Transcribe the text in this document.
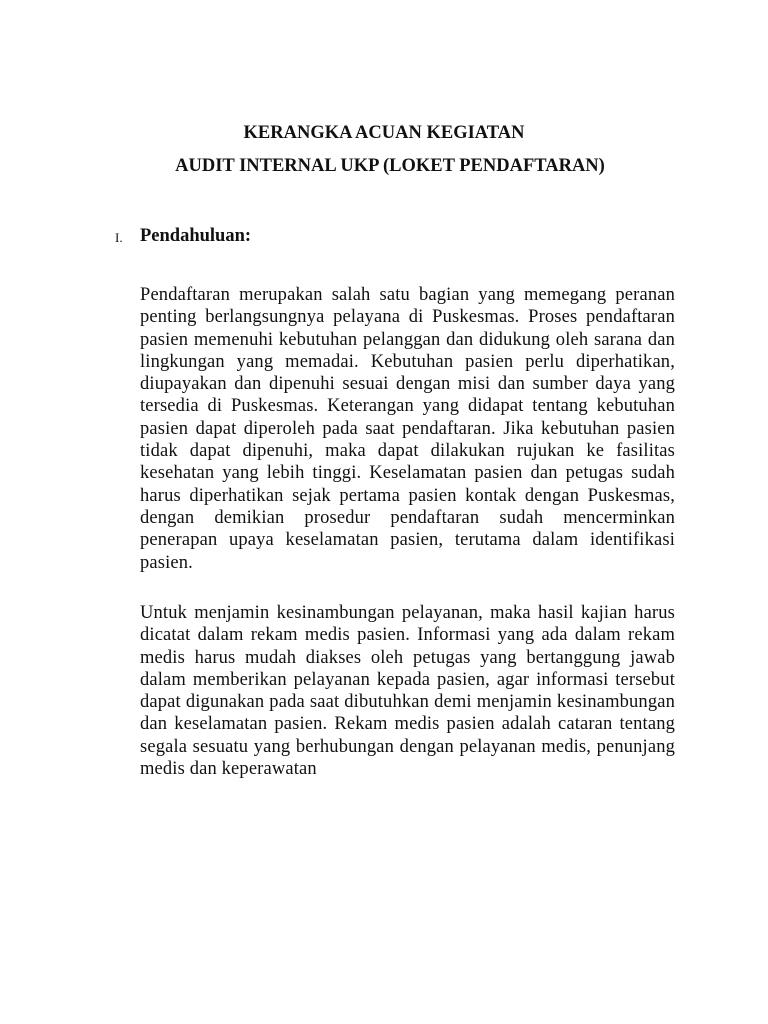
KERANGKA ACUAN KEGIATAN
AUDIT INTERNAL UKP (LOKET PENDAFTARAN)
I. Pendahuluan:

Pendaftaran merupakan salah satu bagian yang memegang peranan penting berlangsungnya pelayana di Puskesmas. Proses pendaftaran pasien memenuhi kebutuhan pelanggan dan didukung oleh sarana dan lingkungan yang memadai. Kebutuhan pasien perlu diperhatikan, diupayakan dan dipenuhi sesuai dengan misi dan sumber daya yang tersedia di Puskesmas. Keterangan yang didapat tentang kebutuhan pasien dapat diperoleh pada saat pendaftaran. Jika kebutuhan pasien tidak dapat dipenuhi, maka dapat dilakukan rujukan ke fasilitas kesehatan yang lebih tinggi. Keselamatan pasien dan petugas sudah harus diperhatikan sejak pertama pasien kontak dengan Puskesmas, dengan demikian prosedur pendaftaran sudah mencerminkan penerapan upaya keselamatan pasien, terutama dalam identifikasi pasien.

Untuk menjamin kesinambungan pelayanan, maka hasil kajian harus dicatat dalam rekam medis pasien. Informasi yang ada dalam rekam medis harus mudah diakses oleh petugas yang bertanggung jawab dalam memberikan pelayanan kepada pasien, agar informasi tersebut dapat digunakan pada saat dibutuhkan demi menjamin kesinambungan dan keselamatan pasien. Rekam medis pasien adalah cataran tentang segala sesuatu yang berhubungan dengan pelayanan medis, penunjang medis dan keperawatan
